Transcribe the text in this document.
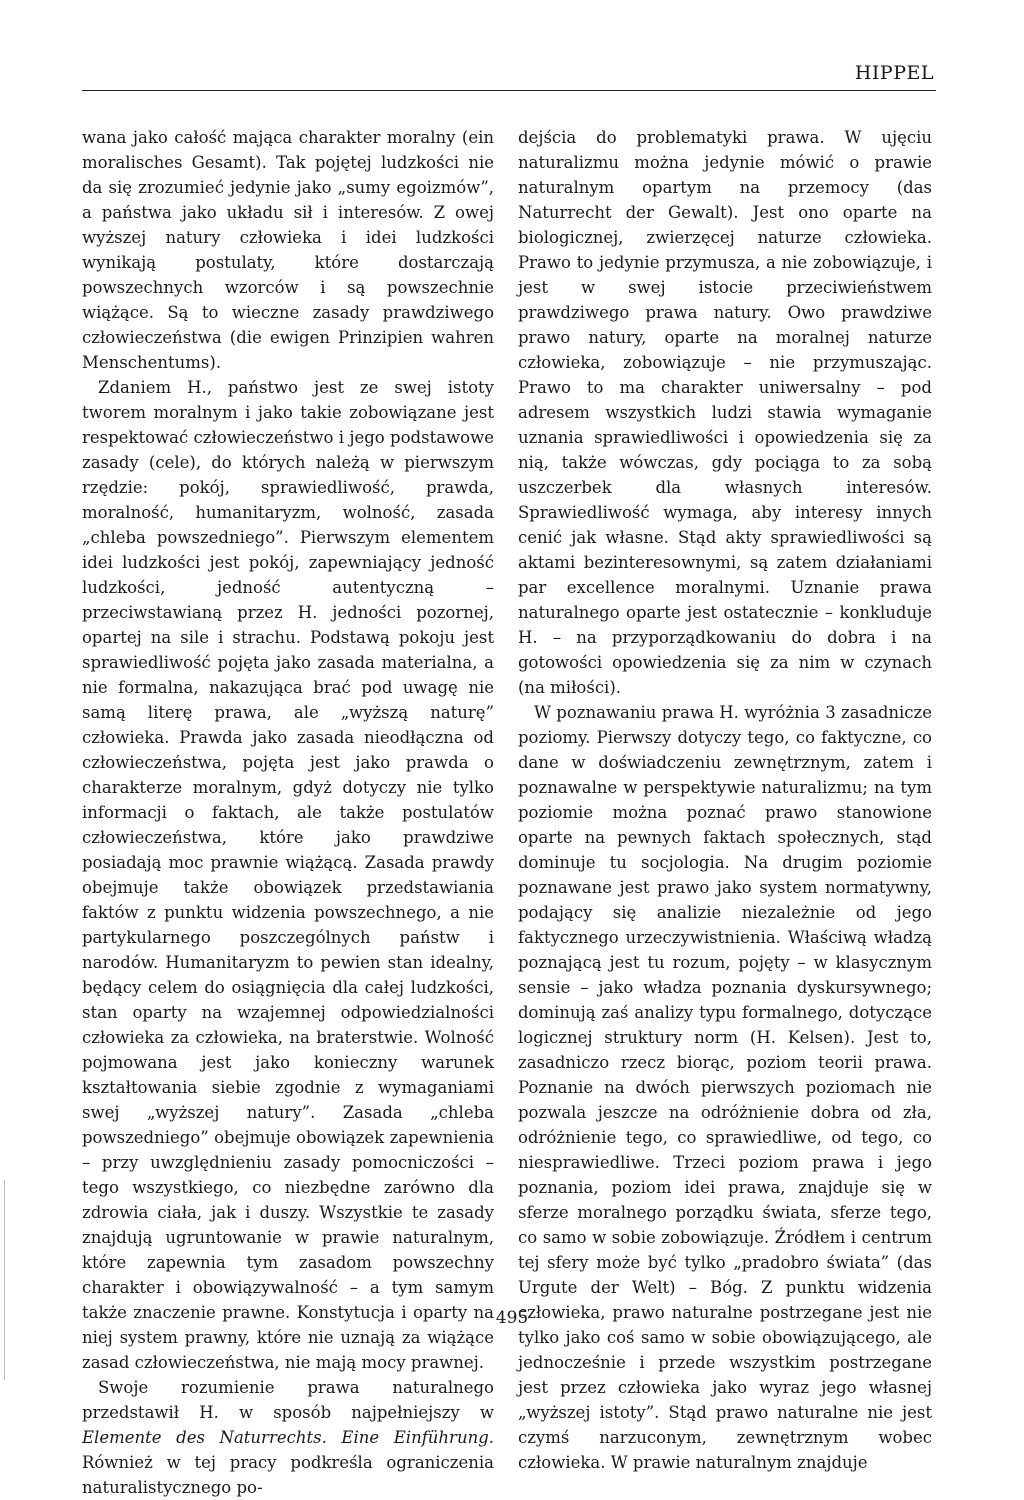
HIPPEL

wana jako całość mająca charakter moralny (ein moralisches Gesamt). Tak pojętej ludzkości nie da się zrozumieć jedynie jako „sumy egoizmów”, a państwa jako układu sił i interesów. Z owej wyższej natury człowieka i idei ludzkości wynikają postulaty, które dostarczają powszechnych wzorców i są powszechnie wiążące. Są to wieczne zasady prawdziwego człowieczeństwa (die ewigen Prinzipien wahren Menschentums).

Zdaniem H., państwo jest ze swej istoty tworem moralnym i jako takie zobowiązane jest respektować człowieczeństwo i jego podstawowe zasady (cele), do których należą w pierwszym rzędzie: pokój, sprawiedliwość, prawda, moralność, humanitaryzm, wolność, zasada „chleba powszedniego”. Pierwszym elementem idei ludzkości jest pokój, zapewniający jedność ludzkości, jedność autentyczną – przeciwstawianą przez H. jedności pozornej, opartej na sile i strachu. Podstawą pokoju jest sprawiedliwość pojęta jako zasada materialna, a nie formalna, nakazująca brać pod uwagę nie samą literę prawa, ale „wyższą naturę” człowieka. Prawda jako zasada nieodłączna od człowieczeństwa, pojęta jest jako prawda o charakterze moralnym, gdyż dotyczy nie tylko informacji o faktach, ale także postulatów człowieczeństwa, które jako prawdziwe posiadają moc prawnie wiążącą. Zasada prawdy obejmuje także obowiązek przedstawiania faktów z punktu widzenia powszechnego, a nie partykularnego poszczególnych państw i narodów. Humanitaryzm to pewien stan idealny, będący celem do osiągnięcia dla całej ludzkości, stan oparty na wzajemnej odpowiedzialności człowieka za człowieka, na braterstwie. Wolność pojmowana jest jako konieczny warunek kształtowania siebie zgodnie z wymaganiami swej „wyższej natury”. Zasada „chleba powszedniego” obejmuje obowiązek zapewnienia – przy uwzględnieniu zasady pomocniczości – tego wszystkiego, co niezbędne zarówno dla zdrowia ciała, jak i duszy. Wszystkie te zasady znajdują ugruntowanie w prawie naturalnym, które zapewnia tym zasadom powszechny charakter i obowiązywalność – a tym samym także znaczenie prawne. Konstytucja i oparty na niej system prawny, które nie uznają za wiążące zasad człowieczeństwa, nie mają mocy prawnej.

Swoje rozumienie prawa naturalnego przedstawił H. w sposób najpełniejszy w Elemente des Naturrechts. Eine Einführung. Również w tej pracy podkreśla ograniczenia naturalistycznego po-

dejścia do problematyki prawa. W ujęciu naturalizmu można jedynie mówić o prawie naturalnym opartym na przemocy (das Naturrecht der Gewalt). Jest ono oparte na biologicznej, zwierzęcej naturze człowieka. Prawo to jedynie przymusza, a nie zobowiązuje, i jest w swej istocie przeciwieństwem prawdziwego prawa natury. Owo prawdziwe prawo natury, oparte na moralnej naturze człowieka, zobowiązuje – nie przymuszając. Prawo to ma charakter uniwersalny – pod adresem wszystkich ludzi stawia wymaganie uznania sprawiedliwości i opowiedzenia się za nią, także wówczas, gdy pociąga to za sobą uszczerbek dla własnych interesów. Sprawiedliwość wymaga, aby interesy innych cenić jak własne. Stąd akty sprawiedliwości są aktami bezinteresownymi, są zatem działaniami par excellence moralnymi. Uznanie prawa naturalnego oparte jest ostatecznie – konkluduje H. – na przyporządkowaniu do dobra i na gotowości opowiedzenia się za nim w czynach (na miłości).

W poznawaniu prawa H. wyróżnia 3 zasadnicze poziomy. Pierwszy dotyczy tego, co faktyczne, co dane w doświadczeniu zewnętrznym, zatem i poznawalne w perspektywie naturalizmu; na tym poziomie można poznać prawo stanowione oparte na pewnych faktach społecznych, stąd dominuje tu socjologia. Na drugim poziomie poznawane jest prawo jako system normatywny, podający się analizie niezależnie od jego faktycznego urzeczywistnienia. Właściwą władzą poznającą jest tu rozum, pojęty – w klasycznym sensie – jako władza poznania dyskursywnego; dominują zaś analizy typu formalnego, dotyczące logicznej struktury norm (H. Kelsen). Jest to, zasadniczo rzecz biorąc, poziom teorii prawa. Poznanie na dwóch pierwszych poziomach nie pozwala jeszcze na odróżnienie dobra od zła, odróżnienie tego, co sprawiedliwe, od tego, co niesprawiedliwe. Trzeci poziom prawa i jego poznania, poziom idei prawa, znajduje się w sferze moralnego porządku świata, sferze tego, co samo w sobie zobowiązuje. Źródłem i centrum tej sfery może być tylko „pradobro świata” (das Urgute der Welt) – Bóg. Z punktu widzenia człowieka, prawo naturalne postrzegane jest nie tylko jako coś samo w sobie obowiązującego, ale jednocześnie i przede wszystkim postrzegane jest przez człowieka jako wyraz jego własnej „wyższej istoty”. Stąd prawo naturalne nie jest czymś narzuconym, zewnętrznym wobec człowieka. W prawie naturalnym znajduje

495
